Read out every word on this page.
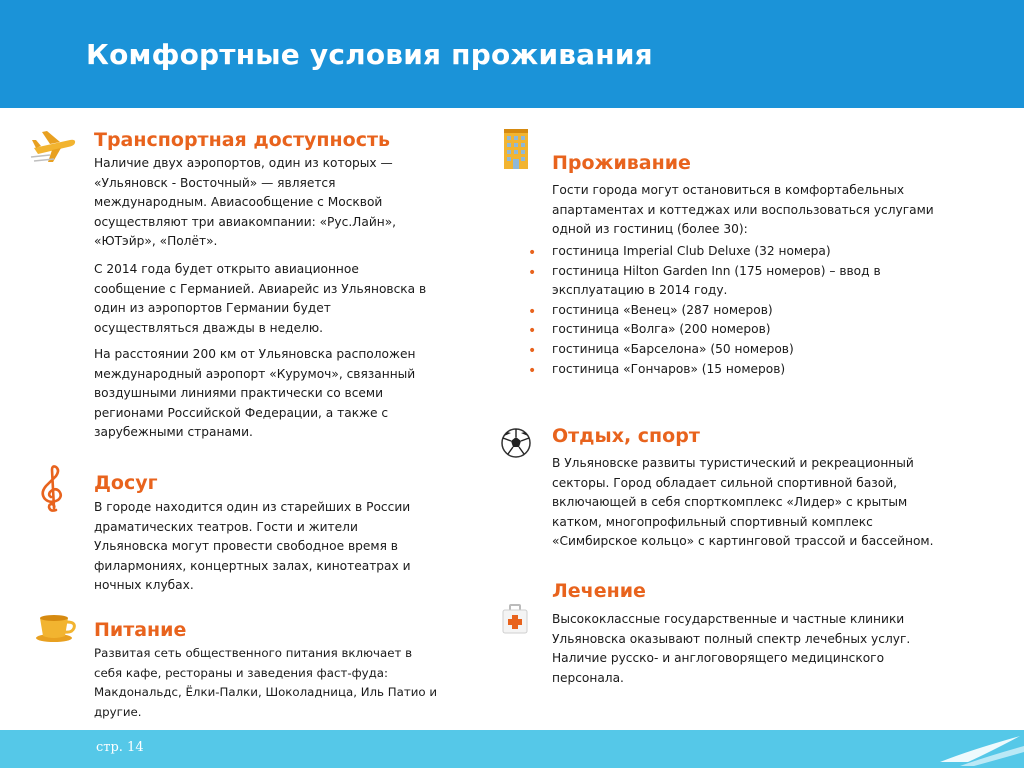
Комфортные условия проживания
Транспортная доступность
Наличие двух аэропортов, один из которых —
«Ульяновск - Восточный» — является
международным. Авиасообщение с Москвой
осуществляют три авиакомпании: «Рус.Лайн»,
«ЮТэйр», «Полёт».
С 2014 года будет открыто авиационное
сообщение с Германией. Авиарейс из Ульяновска в
один из аэропортов Германии будет
осуществляться дважды в неделю.
На расстоянии 200 км от Ульяновска расположен
международный аэропорт «Курумоч», связанный
воздушными линиями практически со всеми
регионами Российской Федерации, а также с
зарубежными странами.
Досуг
В городе находится один из старейших в России
драматических театров. Гости и жители
Ульяновска могут провести свободное время в
филармониях, концертных залах, кинотеатрах и
ночных клубах.
Питание
Развитая сеть общественного питания включает в
себя кафе, рестораны и заведения фаст-фуда:
Макдональдс, Ёлки-Палки, Шоколадница, Иль Патио и
другие.
Проживание
Гости города могут остановиться в комфортабельных
апартаментах и коттеджах или воспользоваться услугами
одной из гостиниц (более 30):
• гостиница Imperial Club Deluxe (32 номера)
• гостиница Hilton Garden Inn (175 номеров) – ввод в
эксплуатацию в 2014 году.
• гостиница «Венец» (287 номеров)
• гостиница «Волга» (200 номеров)
• гостиница «Барселона» (50 номеров)
• гостиница «Гончаров» (15 номеров)
Отдых, спорт
В Ульяновске развиты туристический и рекреационный
секторы. Город обладает сильной спортивной базой,
включающей в себя спорткомплекс «Лидер» с крытым
катком, многопрофильный спортивный комплекс
«Симбирское кольцо» с картинговой трассой и бассейном.
Лечение
Высококлассные государственные и частные клиники
Ульяновска оказывают полный спектр лечебных услуг.
Наличие русско- и англоговорящего медицинского
персонала.
стр. 14
